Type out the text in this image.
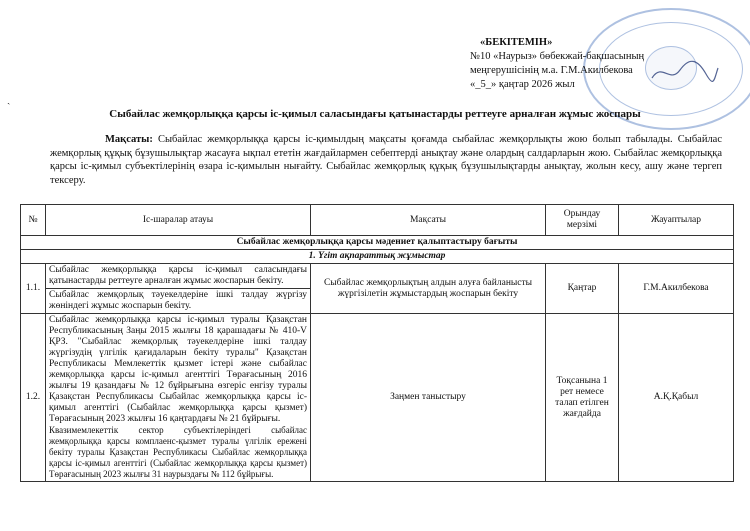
«БЕКІТЕМІН»
№10 «Наурыз» бөбекжай-бақшасының
меңгерушісінің м.а. Г.М.Акилбекова
«_5_» қаңтар 2026 жыл
ˎ
Сыбайлас жемқорлыққа қарсы іс-қимыл саласындағы қатынастарды реттеуге арналған жұмыс жоспары
Мақсаты: Сыбайлас жемқорлыққа қарсы іс-қимылдың мақсаты қоғамда сыбайлас жемқорлықты жою болып табылады. Сыбайлас жемқорлық құқық бұзушылықтар жасауға ықпал ететін жағдайлармен себептерді анықтау және олардың салдарларын жою. Сыбайлас жемқорлыққа қарсы іс-қимыл субъектілерінің өзара іс-қимылын нығайту. Сыбайлас жемқорлық құқық бұзушылықтарды анықтау, жолын кесу, ашу және тергеп тексеру.
№	Іс-шаралар атауы	Мақсаты	Орындау мерзімі	Жауаптылар
Сыбайлас жемқорлыққа қарсы мәдениет қалыптастыру бағыты				
1. Үгіт ақпараттық жұмыстар				
1.1.	Сыбайлас жемқорлыққа қарсы іс-қимыл саласындағы қатынастарды реттеуге арналған жұмыс жоспарын бекіту.	Сыбайлас жемқорлықтың алдын алуға байланысты жүргізілетін жұмыстардың жоспарын бекіту	Қаңтар	Г.М.Акилбекова
	Сыбайлас жемқорлық тәуекелдеріне ішкі талдау жүргізу жөніндегі жұмыс жоспарын бекіту.			
1.2.	Сыбайлас жемқорлыққа қарсы іс-қимыл туралы Қазақстан Республикасының Заңы 2015 жылғы 18 қарашадағы № 410-V ҚРЗ. "Сыбайлас жемқорлық тәуекелдеріне ішкі талдау жүргізудің үлгілік қағидаларын бекіту туралы" Қазақстан Республикасы Мемлекеттік қызмет істері және сыбайлас жемқорлыққа қарсы іс-қимыл агенттігі Төрағасының 2016 жылғы 19 қазандағы № 12 бұйрығына өзгеріс енгізу туралы Қазақстан Республикасы Сыбайлас жемқорлыққа қарсы іс-қимыл агенттігі (Сыбайлас жемқорлыққа қарсы қызмет) Төрағасының 2023 жылғы 16 қаңтардағы № 21 бұйрығы.
Квазимемлекеттік сектор субъектілеріндегі сыбайлас жемқорлыққа қарсы комплаенс-қызмет туралы үлгілік ережені бекіту туралы Қазақстан Республикасы Сыбайлас жемқорлыққа қарсы іс-қимыл агенттігі (Сыбайлас жемқорлыққа қарсы қызмет) Төрағасының 2023 жылғы 31 наурыздағы № 112 бұйрығы.	Заңмен таныстыру	Тоқсанына 1 рет немесе талап етілген жағдайда	А.Қ.Қабыл
